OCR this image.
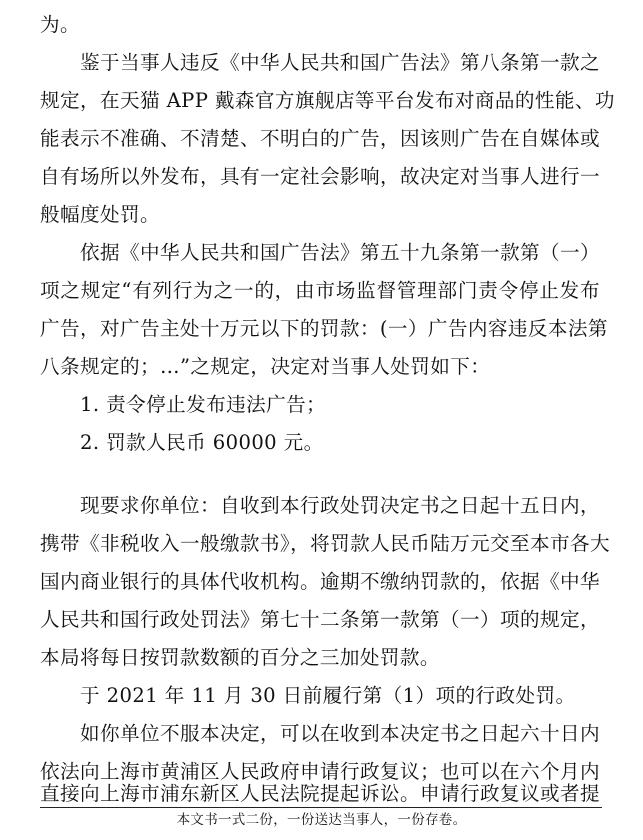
为。
鉴于当事人违反《中华人民共和国广告法》第八条第一款之
规定，在天猫 APP 戴森官方旗舰店等平台发布对商品的性能、功
能表示不准确、不清楚、不明白的广告，因该则广告在自媒体或
自有场所以外发布，具有一定社会影响，故决定对当事人进行一
般幅度处罚。
依据《中华人民共和国广告法》第五十九条第一款第（一）
项之规定“有列行为之一的，由市场监督管理部门责令停止发布
广告，对广告主处十万元以下的罚款：(一）广告内容违反本法第
八条规定的；…”之规定，决定对当事人处罚如下：
1. 责令停止发布违法广告；
2. 罚款人民币 60000 元。
现要求你单位：自收到本行政处罚决定书之日起十五日内，
携带《非税收入一般缴款书》，将罚款人民币陆万元交至本市各大
国内商业银行的具体代收机构。逾期不缴纳罚款的，依据《中华
人民共和国行政处罚法》第七十二条第一款第（一）项的规定，
本局将每日按罚款数额的百分之三加处罚款。
于 2021 年 11 月 30 日前履行第（1）项的行政处罚。
如你单位不服本决定，可以在收到本决定书之日起六十日内
依法向上海市黄浦区人民政府申请行政复议；也可以在六个月内
直接向上海市浦东新区人民法院提起诉讼。申请行政复议或者提
本文书一式二份，一份送达当事人，一份存卷。
